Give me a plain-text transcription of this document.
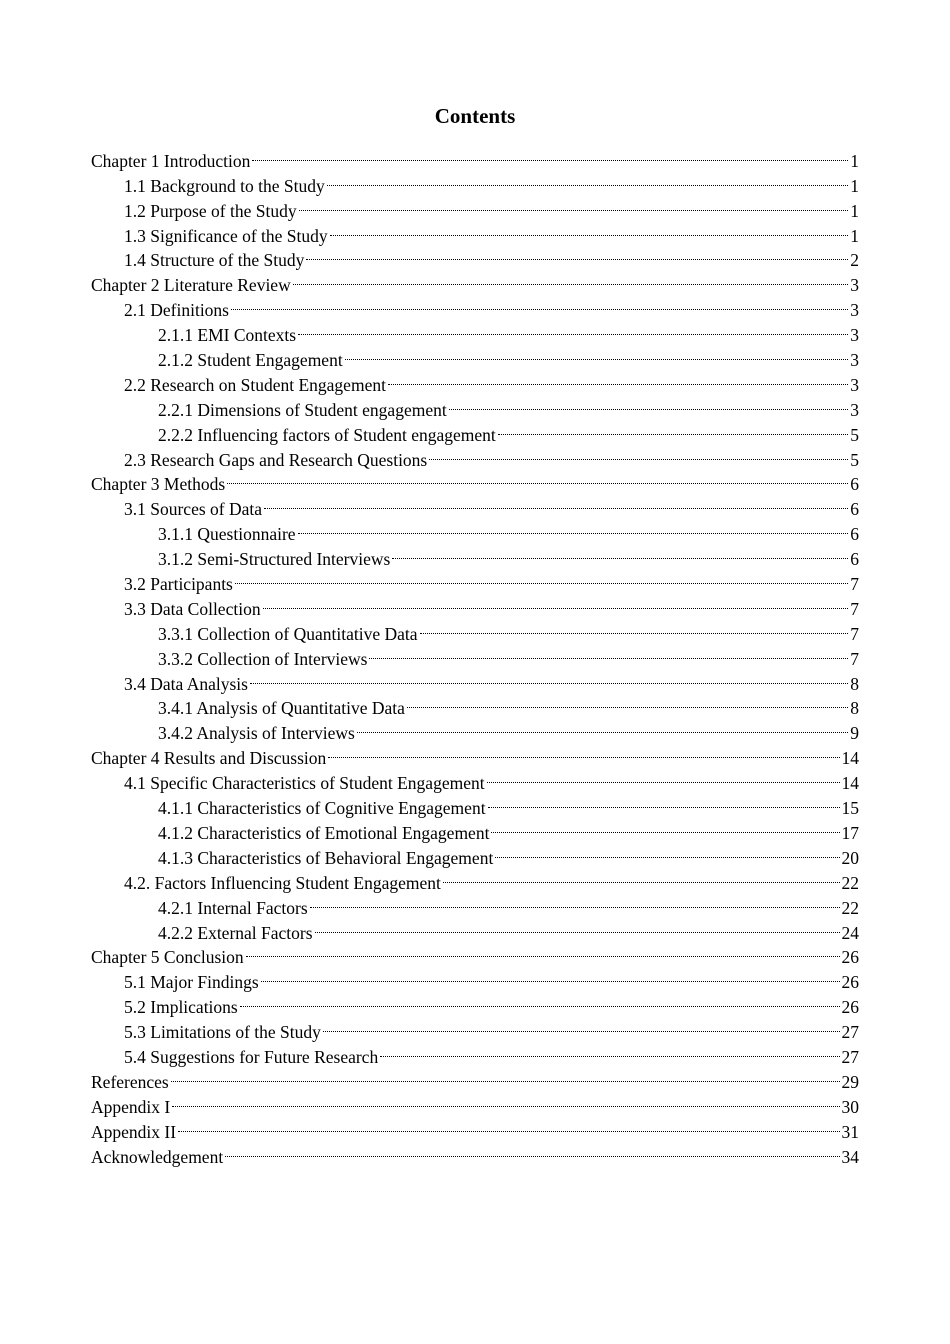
Contents
Chapter 1 Introduction	1
1.1 Background to the Study	1
1.2 Purpose of the Study	1
1.3 Significance of the Study	1
1.4 Structure of the Study	2
Chapter 2 Literature Review	3
2.1 Definitions	3
2.1.1 EMI Contexts	3
2.1.2 Student Engagement	3
2.2 Research on Student Engagement	3
2.2.1 Dimensions of Student engagement	3
2.2.2 Influencing factors of Student engagement	5
2.3 Research Gaps and Research Questions	5
Chapter 3 Methods	6
3.1 Sources of Data	6
3.1.1 Questionnaire	6
3.1.2 Semi-Structured Interviews	6
3.2 Participants	7
3.3 Data Collection	7
3.3.1 Collection of Quantitative Data	7
3.3.2 Collection of Interviews	7
3.4 Data Analysis	8
3.4.1 Analysis of Quantitative Data	8
3.4.2 Analysis of Interviews	9
Chapter 4 Results and Discussion	14
4.1 Specific Characteristics of Student Engagement	14
4.1.1 Characteristics of Cognitive Engagement	15
4.1.2 Characteristics of Emotional Engagement	17
4.1.3 Characteristics of Behavioral Engagement	20
4.2. Factors Influencing Student Engagement	22
4.2.1 Internal Factors	22
4.2.2 External Factors	24
Chapter 5 Conclusion	26
5.1 Major Findings	26
5.2 Implications	26
5.3 Limitations of the Study	27
5.4 Suggestions for Future Research	27
References	29
Appendix I	30
Appendix II	31
Acknowledgement	34
